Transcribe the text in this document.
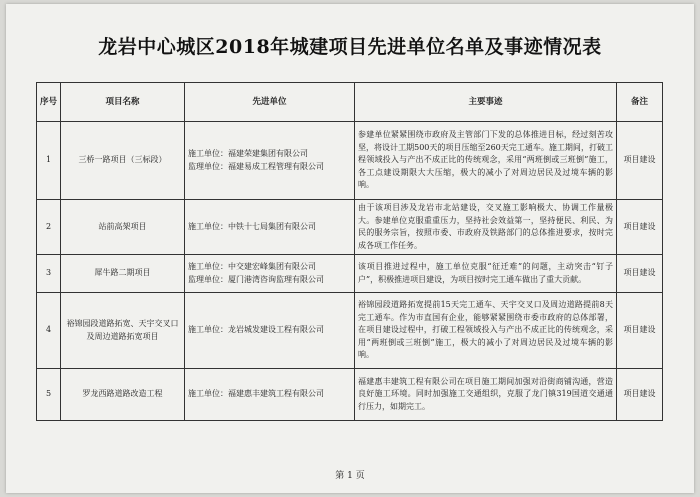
龙岩中心城区2018年城建项目先进单位名单及事迹情况表
序号	项目名称	先进单位	主要事迹	备注
1	三桥一路项目（三标段）	施工单位：福建荣建集团有限公司
监理单位：福建易成工程管理有限公司	参建单位紧紧围绕市政府及主管部门下发的总体推进目标，经过刻苦攻坚，将设计工期500天的项目压缩至260天完工通车。施工期间，打破工程领域投入与产出不成正比的传统观念，采用“两班倒或三班倒”施工，各工点建设期限大大压缩，极大的减小了对周边居民及过境车辆的影响。	项目建设
2	站前高架项目	施工单位：中铁十七局集团有限公司	由于该项目涉及龙岩市北站建设，交叉施工影响极大、协调工作量极大。参建单位克服重重压力，坚持社会效益第一，坚持便民、利民、为民的服务宗旨，按照市委、市政府及铁路部门的总体推进要求，按时完成各项工作任务。	项目建设
3	犀牛路二期项目	施工单位：中交建宏峰集团有限公司
监理单位：厦门港湾咨询监理有限公司	该项目推进过程中，施工单位克服“征迁难”的问题，主动突击“钉子户”，积极推进项目建设，为项目按时完工通车做出了重大贡献。	项目建设
4	裕锦园段道路拓宽、天宇交叉口及周边道路拓宽项目	施工单位：龙岩城发建设工程有限公司	裕锦园段道路拓宽提前15天完工通车、天宇交叉口及周边道路提前8天完工通车。作为市直国有企业，能够紧紧围绕市委市政府的总体部署，在项目建设过程中，打破工程领域投入与产出不成正比的传统观念，采用“两班倒或三班倒”施工，极大的减小了对周边居民及过境车辆的影响。	项目建设
5	罗龙西路道路改造工程	施工单位：福建惠丰建筑工程有限公司	福建惠丰建筑工程有限公司在项目施工期间加强对沿街商铺沟通，营造良好施工环境。同时加强施工交通组织，克服了龙门镇319国道交通通行压力，如期完工。	项目建设
第 1 页
